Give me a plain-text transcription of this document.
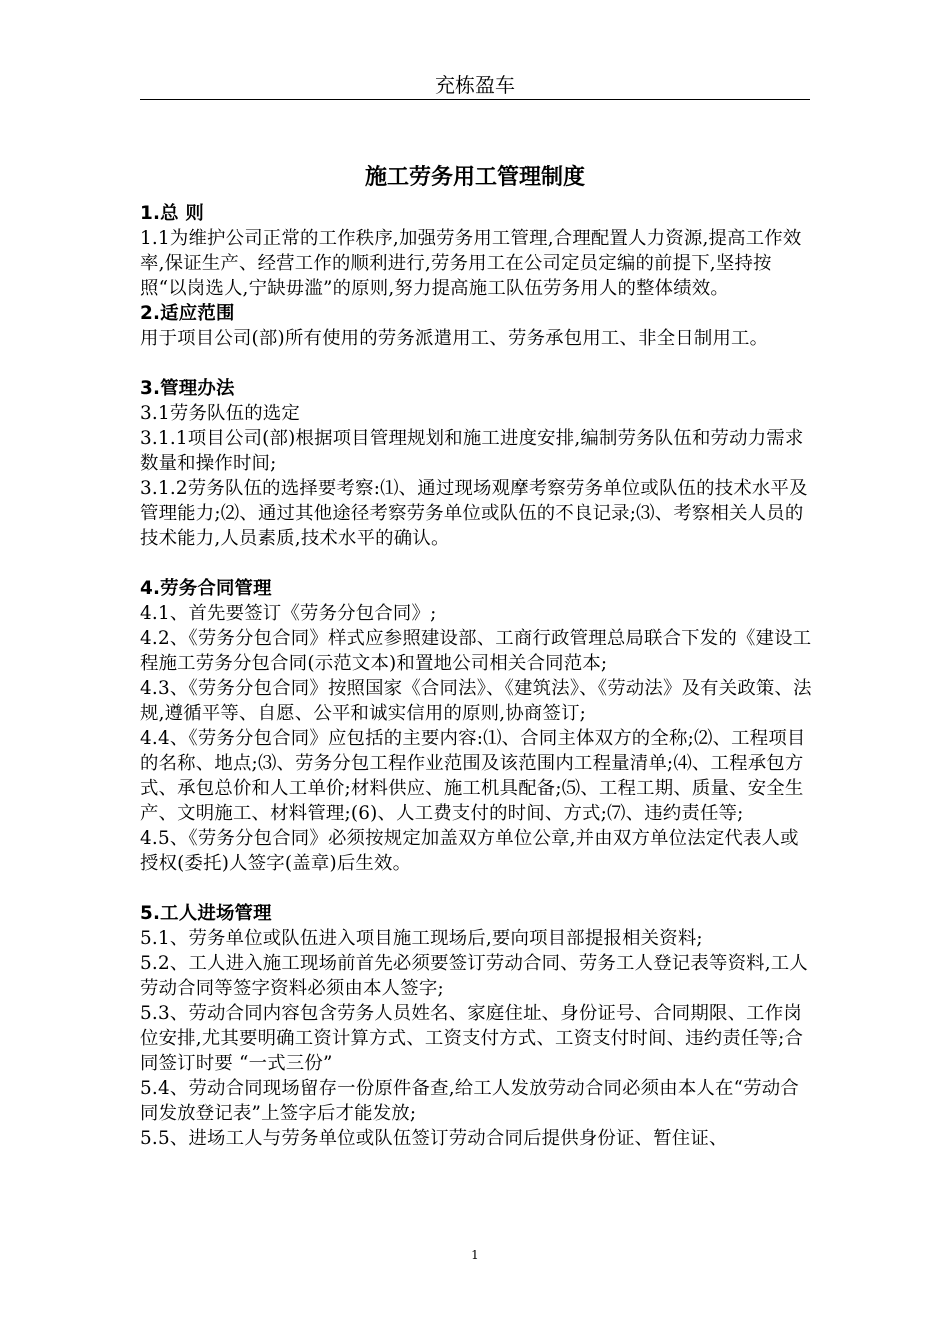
充栋盈车
施工劳务用工管理制度

1.总 则

1.1为维护公司正常的工作秩序,加强劳务用工管理,合理配置人力资源,提高工作效率,保证生产、经营工作的顺利进行,劳务用工在公司定员定编的前提下,坚持按照“以岗选人,宁缺毋滥”的原则,努力提高施工队伍劳务用人的整体绩效。

2.适应范围

用于项目公司(部)所有使用的劳务派遣用工、劳务承包用工、非全日制用工。

3.管理办法

3.1劳务队伍的选定

3.1.1项目公司(部)根据项目管理规划和施工进度安排,编制劳务队伍和劳动力需求数量和操作时间;

3.1.2劳务队伍的选择要考察:⑴、通过现场观摩考察劳务单位或队伍的技术水平及管理能力;⑵、通过其他途径考察劳务单位或队伍的不良记录;⑶、考察相关人员的技术能力,人员素质,技术水平的确认。

4.劳务合同管理

4.1、首先要签订《劳务分包合同》;

4.2、《劳务分包合同》样式应参照建设部、工商行政管理总局联合下发的《建设工程施工劳务分包合同(示范文本)和置地公司相关合同范本;

4.3、《劳务分包合同》按照国家《合同法》、《建筑法》、《劳动法》及有关政策、法规,遵循平等、自愿、公平和诚实信用的原则,协商签订;

4.4、《劳务分包合同》应包括的主要内容:⑴、合同主体双方的全称;⑵、工程项目的名称、地点;⑶、劳务分包工程作业范围及该范围内工程量清单;⑷、工程承包方式、承包总价和人工单价;材料供应、施工机具配备;⑸、工程工期、质量、安全生产、文明施工、材料管理;(6)、人工费支付的时间、方式;⑺、违约责任等;

4.5、《劳务分包合同》必须按规定加盖双方单位公章,并由双方单位法定代表人或授权(委托)人签字(盖章)后生效。

5.工人进场管理

5.1、劳务单位或队伍进入项目施工现场后,要向项目部提报相关资料;

5.2、工人进入施工现场前首先必须要签订劳动合同、劳务工人登记表等资料,工人劳动合同等签字资料必须由本人签字;

5.3、劳动合同内容包含劳务人员姓名、家庭住址、身份证号、合同期限、工作岗位安排,尤其要明确工资计算方式、工资支付方式、工资支付时间、违约责任等;合同签订时要 “一式三份”

5.4、劳动合同现场留存一份原件备查,给工人发放劳动合同必须由本人在“劳动合同发放登记表”上签字后才能发放;

5.5、进场工人与劳务单位或队伍签订劳动合同后提供身份证、暂住证、

1
